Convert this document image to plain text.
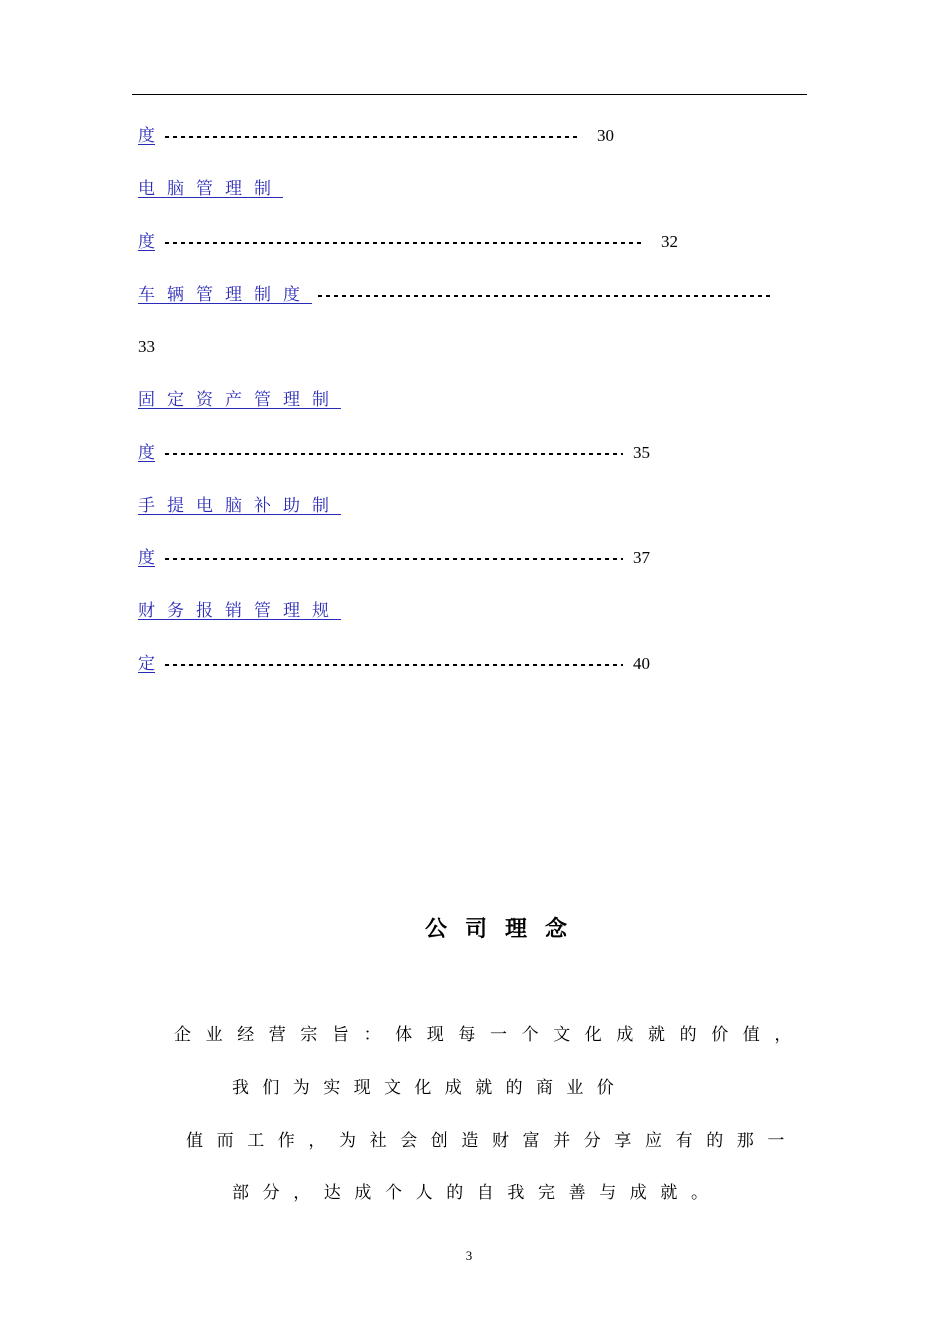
度	30
电脑管理制
度	32
车辆管理制度
33
固定资产管理制
度	35
手提电脑补助制
度	37
财务报销管理规
定	40
公司理念
企业经营宗旨：体现每一个文化成就的价值，
我们为实现文化成就的商业价
值而工作，为社会创造财富并分享应有的那一
部分，达成个人的自我完善与成就。
3
